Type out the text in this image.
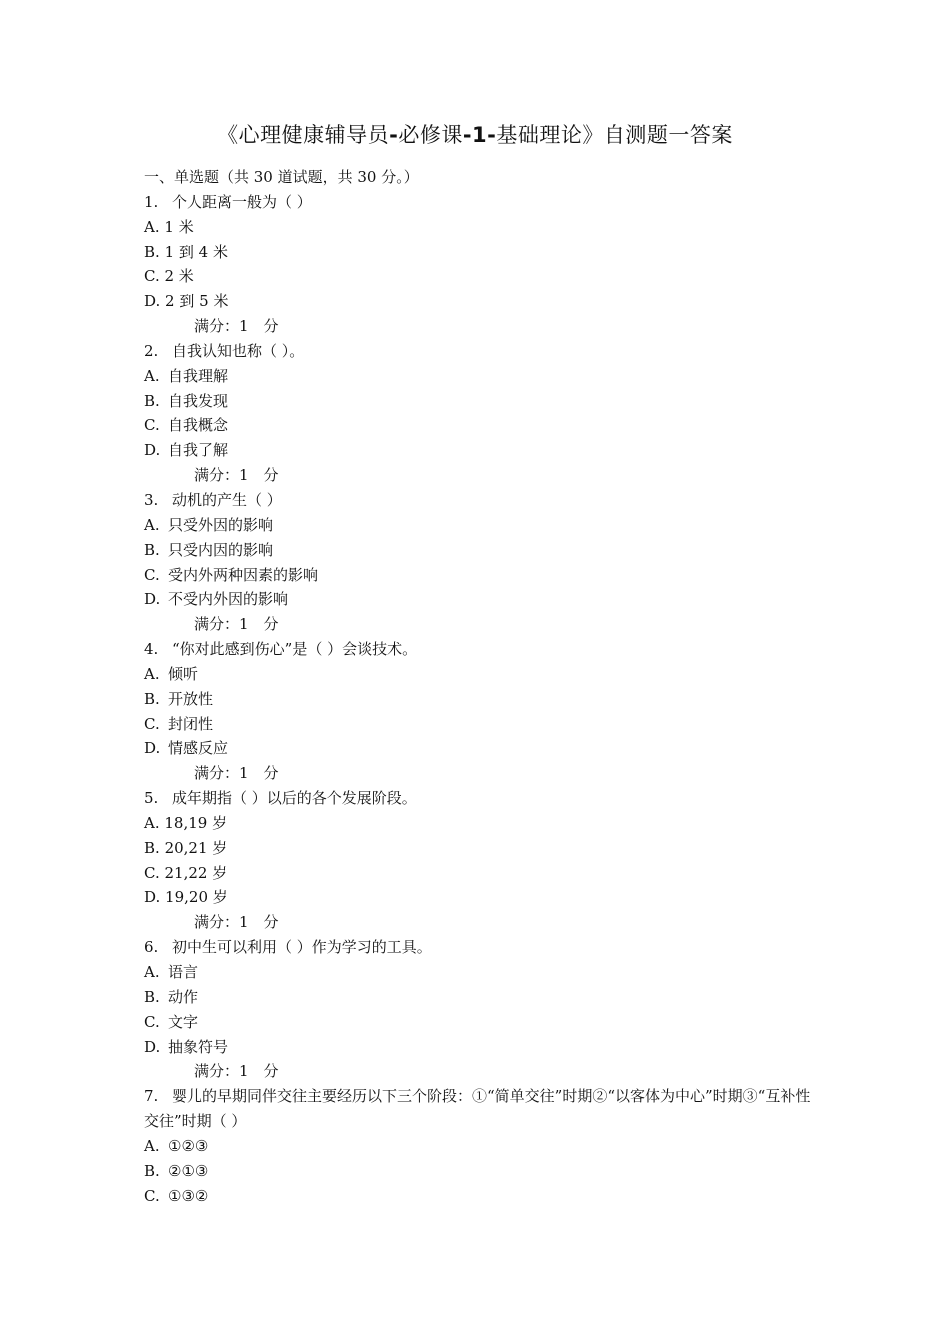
《心理健康辅导员-必修课-1-基础理论》自测题一答案
一、单选题（共 30 道试题，共 30 分。）
1. 个人距离一般为（ ）
A. 1 米
B. 1 到 4 米
C. 2 米
D. 2 到 5 米
满分：1　分
2. 自我认知也称（ ）。
A. 自我理解
B. 自我发现
C. 自我概念
D. 自我了解
满分：1　分
3. 动机的产生（ ）
A. 只受外因的影响
B. 只受内因的影响
C. 受内外两种因素的影响
D. 不受内外因的影响
满分：1　分
4. “你对此感到伤心”是（ ）会谈技术。
A. 倾听
B. 开放性
C. 封闭性
D. 情感反应
满分：1　分
5. 成年期指（ ）以后的各个发展阶段。
A. 18,19 岁
B. 20,21 岁
C. 21,22 岁
D. 19,20 岁
满分：1　分
6. 初中生可以利用（ ）作为学习的工具。
A. 语言
B. 动作
C. 文字
D. 抽象符号
满分：1　分
7. 婴儿的早期同伴交往主要经历以下三个阶段：①“简单交往”时期②“以客体为中心”时期③“互补性交往”时期（ ）
A. ①②③
B. ②①③
C. ①③②
